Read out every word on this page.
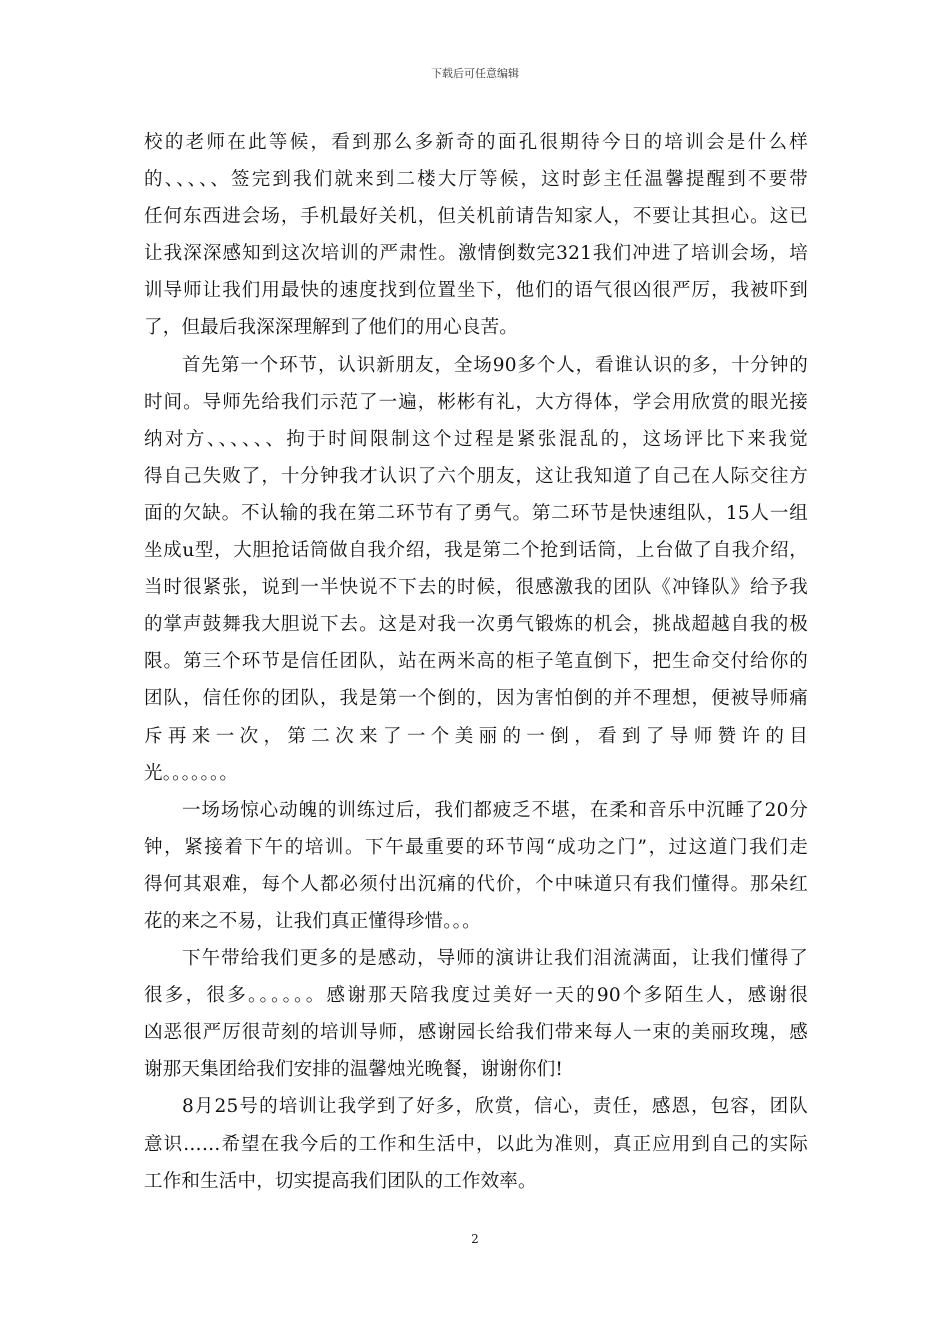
下载后可任意编辑
校的老师在此等候，看到那么多新奇的面孔很期待今日的培训会是什么样
的、、、、、签完到我们就来到二楼大厅等候，这时彭主任温馨提醒到不要带
任何东西进会场，手机最好关机，但关机前请告知家人，不要让其担心。这已
让我深深感知到这次培训的严肃性。激情倒数完321我们冲进了培训会场，培
训导师让我们用最快的速度找到位置坐下，他们的语气很凶很严厉，我被吓到
了，但最后我深深理解到了他们的用心良苦。
首先第一个环节，认识新朋友，全场90多个人，看谁认识的多，十分钟的
时间。导师先给我们示范了一遍，彬彬有礼，大方得体，学会用欣赏的眼光接
纳对方、、、、、、拘于时间限制这个过程是紧张混乱的，这场评比下来我觉
得自己失败了，十分钟我才认识了六个朋友，这让我知道了自己在人际交往方
面的欠缺。不认输的我在第二环节有了勇气。第二环节是快速组队，15人一组
坐成u型，大胆抢话筒做自我介绍，我是第二个抢到话筒，上台做了自我介绍，
当时很紧张，说到一半快说不下去的时候，很感激我的团队《冲锋队》给予我
的掌声鼓舞我大胆说下去。这是对我一次勇气锻炼的机会，挑战超越自我的极
限。第三个环节是信任团队，站在两米高的柜子笔直倒下，把生命交付给你的
团队，信任你的团队，我是第一个倒的，因为害怕倒的并不理想，便被导师痛
斥再来一次，第二次来了一个美丽的一倒，看到了导师赞许的目
光。。。。。。。
一场场惊心动魄的训练过后，我们都疲乏不堪，在柔和音乐中沉睡了20分
钟，紧接着下午的培训。下午最重要的环节闯“成功之门”，过这道门我们走
得何其艰难，每个人都必须付出沉痛的代价，个中味道只有我们懂得。那朵红
花的来之不易，让我们真正懂得珍惜。。。
下午带给我们更多的是感动，导师的演讲让我们泪流满面，让我们懂得了
很多，很多。。。。。。感谢那天陪我度过美好一天的90个多陌生人，感谢很
凶恶很严厉很苛刻的培训导师，感谢园长给我们带来每人一束的美丽玫瑰，感
谢那天集团给我们安排的温馨烛光晚餐，谢谢你们!
8月25号的培训让我学到了好多，欣赏，信心，责任，感恩，包容，团队
意识……希望在我今后的工作和生活中，以此为准则，真正应用到自己的实际
工作和生活中，切实提高我们团队的工作效率。
2
